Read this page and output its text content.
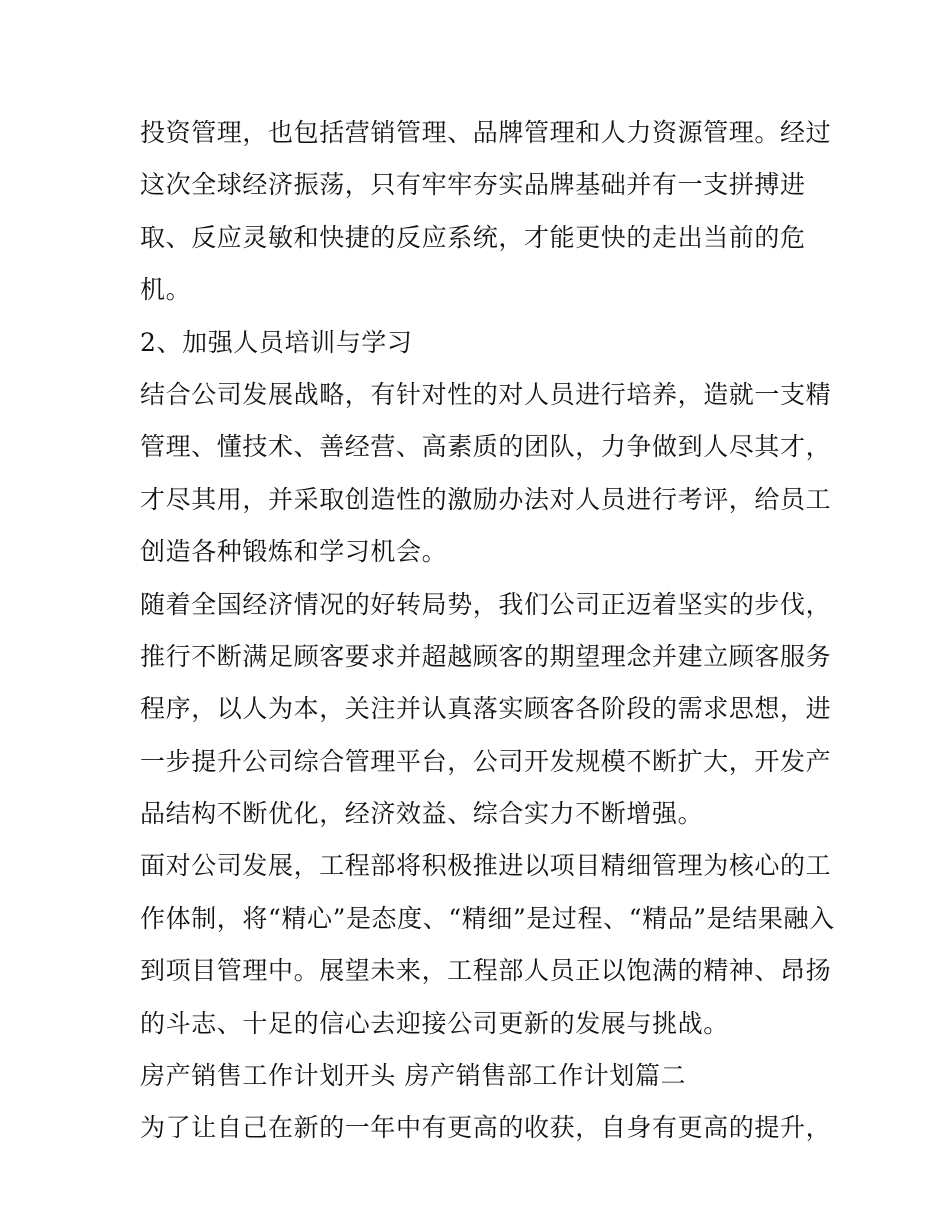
投资管理，也包括营销管理、品牌管理和人力资源管理。经过
这次全球经济振荡，只有牢牢夯实品牌基础并有一支拼搏进
取、反应灵敏和快捷的反应系统，才能更快的走出当前的危
机。
2、加强人员培训与学习
结合公司发展战略，有针对性的对人员进行培养，造就一支精
管理、懂技术、善经营、高素质的团队，力争做到人尽其才，
才尽其用，并采取创造性的激励办法对人员进行考评，给员工
创造各种锻炼和学习机会。
随着全国经济情况的好转局势，我们公司正迈着坚实的步伐，
推行不断满足顾客要求并超越顾客的期望理念并建立顾客服务
程序，以人为本，关注并认真落实顾客各阶段的需求思想，进
一步提升公司综合管理平台，公司开发规模不断扩大，开发产
品结构不断优化，经济效益、综合实力不断增强。
面对公司发展，工程部将积极推进以项目精细管理为核心的工
作体制，将“精心”是态度、“精细”是过程、“精品”是结果融入
到项目管理中。展望未来，工程部人员正以饱满的精神、昂扬
的斗志、十足的信心去迎接公司更新的发展与挑战。
房产销售工作计划开头 房产销售部工作计划篇二
为了让自己在新的一年中有更高的收获，自身有更高的提升，
